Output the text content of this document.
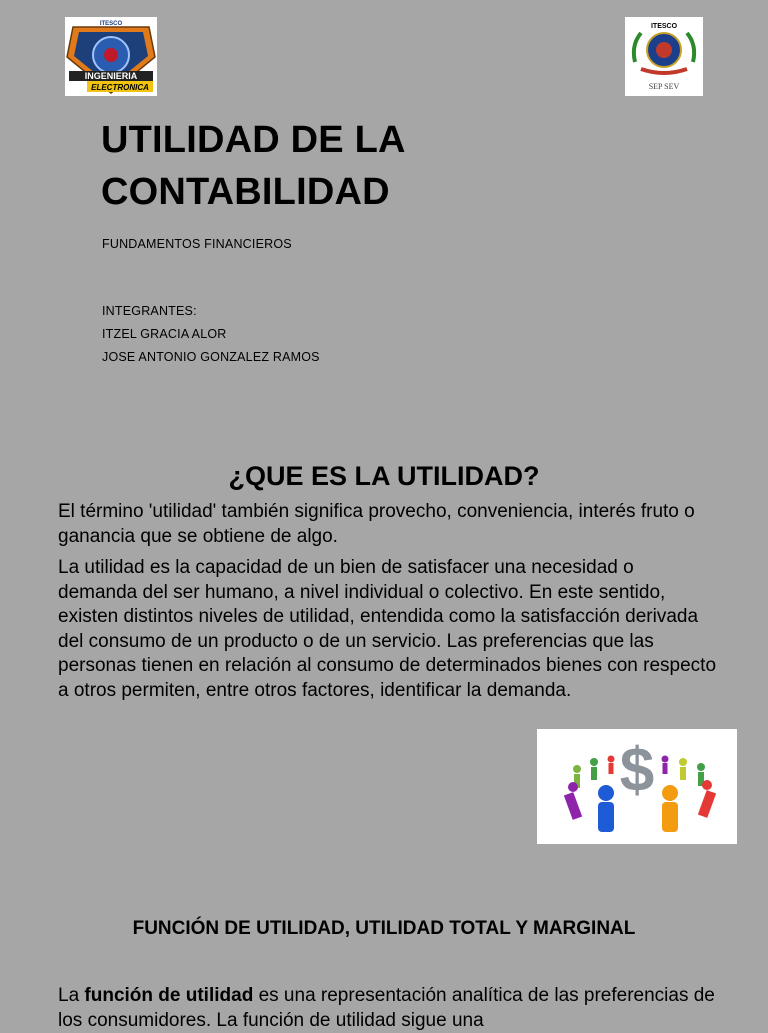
ITESCO
INGENIERIA
ELECTRONICA
ITESCO
SEP SEV
UTILIDAD DE LA
CONTABILIDAD
FUNDAMENTOS FINANCIEROS
INTEGRANTES:
ITZEL GRACIA ALOR
JOSE ANTONIO GONZALEZ RAMOS
¿QUE ES LA UTILIDAD?
El término 'utilidad' también significa provecho, conveniencia, interés fruto o ganancia que se obtiene de algo.
La utilidad es la capacidad de un bien de satisfacer una necesidad o demanda del ser humano, a nivel individual o colectivo. En este sentido, existen distintos niveles de utilidad, entendida como la satisfacción derivada del consumo de un producto o de un servicio. Las preferencias que las personas tienen en relación al consumo de determinados bienes con respecto a otros permiten, entre otros factores, identificar la demanda.
$
FUNCIÓN DE UTILIDAD, UTILIDAD TOTAL Y MARGINAL
La función de utilidad es una representación analítica de las preferencias de los consumidores. La función de utilidad sigue una
